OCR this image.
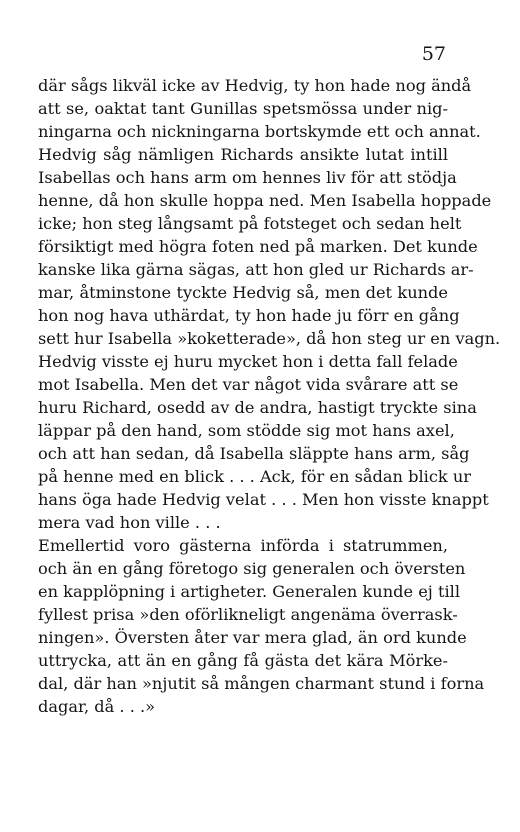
57
där sågs likväl icke av Hedvig, ty hon hade nog ändå
att se, oaktat tant Gunillas spetsmössa under nig-
ningarna och nickningarna bortskymde ett och annat.
Hedvig såg nämligen Richards ansikte lutat intill
Isabellas och hans arm om hennes liv för att stödja
henne, då hon skulle hoppa ned. Men Isabella hoppade
icke; hon steg långsamt på fotsteget och sedan helt
försiktigt med högra foten ned på marken. Det kunde
kanske lika gärna sägas, att hon gled ur Richards ar-
mar, åtminstone tyckte Hedvig så, men det kunde
hon nog hava uthärdat, ty hon hade ju förr en gång
sett hur Isabella »koketterade», då hon steg ur en vagn.
Hedvig visste ej huru mycket hon i detta fall felade
mot Isabella. Men det var något vida svårare att se
huru Richard, osedd av de andra, hastigt tryckte sina
läppar på den hand, som stödde sig mot hans axel,
och att han sedan, då Isabella släppte hans arm, såg
på henne med en blick . . . Ack, för en sådan blick ur
hans öga hade Hedvig velat . . . Men hon visste knappt
mera vad hon ville . . .
Emellertid voro gästerna införda i statrummen,
och än en gång företogo sig generalen och översten
en kapplöpning i artigheter. Generalen kunde ej till
fyllest prisa »den oförlikneligt angenäma överrask-
ningen». Översten åter var mera glad, än ord kunde
uttrycka, att än en gång få gästa det kära Mörke-
dal, där han »njutit så mången charmant stund i forna
dagar, då . . .»
